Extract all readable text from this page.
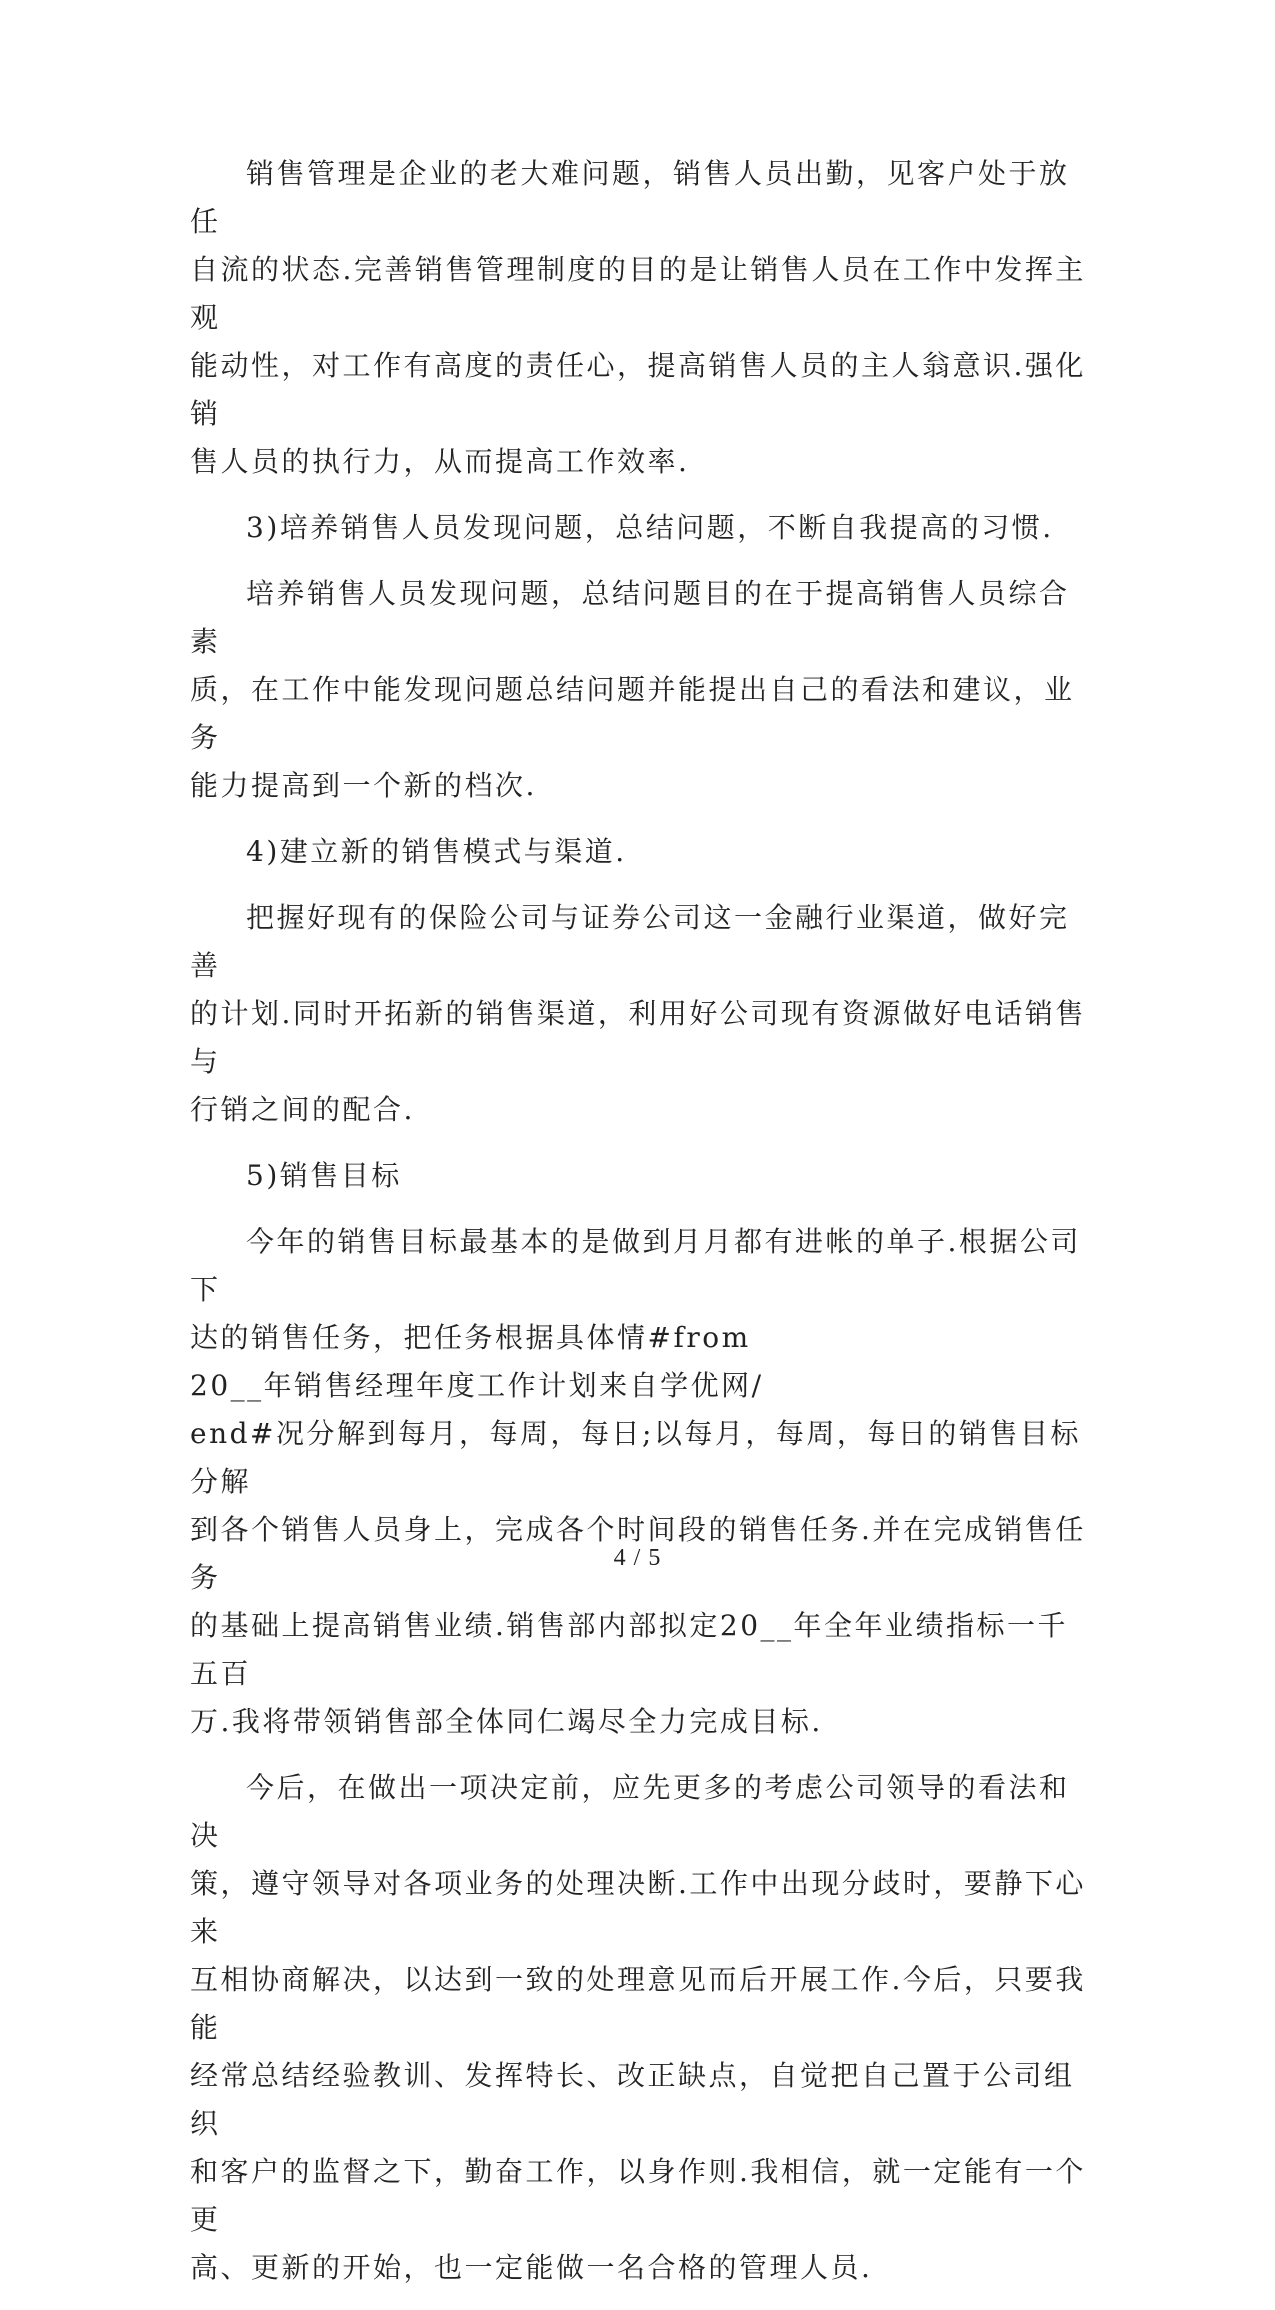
销售管理是企业的老大难问题，销售人员出勤，见客户处于放任
自流的状态.完善销售管理制度的目的是让销售人员在工作中发挥主观
能动性，对工作有高度的责任心，提高销售人员的主人翁意识.强化销
售人员的执行力，从而提高工作效率.

3)培养销售人员发现问题，总结问题，不断自我提高的习惯.

培养销售人员发现问题，总结问题目的在于提高销售人员综合素
质，在工作中能发现问题总结问题并能提出自己的看法和建议，业务
能力提高到一个新的档次.

4)建立新的销售模式与渠道.

把握好现有的保险公司与证券公司这一金融行业渠道，做好完善
的计划.同时开拓新的销售渠道，利用好公司现有资源做好电话销售与
行销之间的配合.

5)销售目标

今年的销售目标最基本的是做到月月都有进帐的单子.根据公司下
达的销售任务，把任务根据具体情#from
20__年销售经理年度工作计划来自学优网/
end#况分解到每月，每周，每日;以每月，每周，每日的销售目标分解
到各个销售人员身上，完成各个时间段的销售任务.并在完成销售任务
的基础上提高销售业绩.销售部内部拟定20__年全年业绩指标一千五百
万.我将带领销售部全体同仁竭尽全力完成目标.

今后，在做出一项决定前，应先更多的考虑公司领导的看法和决
策，遵守领导对各项业务的处理决断.工作中出现分歧时，要静下心来
互相协商解决，以达到一致的处理意见而后开展工作.今后，只要我能
经常总结经验教训、发挥特长、改正缺点，自觉把自己置于公司组织
和客户的监督之下，勤奋工作，以身作则.我相信，就一定能有一个更
高、更新的开始，也一定能做一名合格的管理人员.

4 / 5
